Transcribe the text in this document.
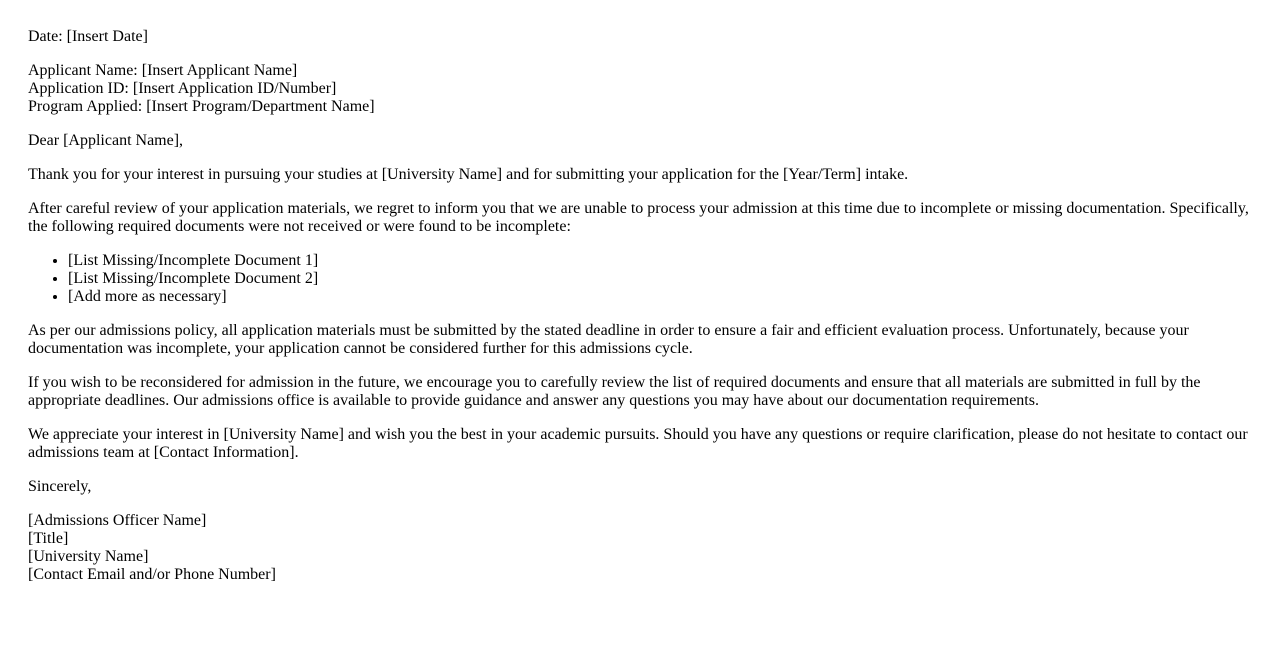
Date: [Insert Date]

Applicant Name: [Insert Applicant Name]
Application ID: [Insert Application ID/Number]
Program Applied: [Insert Program/Department Name]

Dear [Applicant Name],

Thank you for your interest in pursuing your studies at [University Name] and for submitting your application for the [Year/Term] intake.

After careful review of your application materials, we regret to inform you that we are unable to process your admission at this time due to incomplete or missing documentation. Specifically, the following required documents were not received or were found to be incomplete:

• [List Missing/Incomplete Document 1]
• [List Missing/Incomplete Document 2]
• [Add more as necessary]

As per our admissions policy, all application materials must be submitted by the stated deadline in order to ensure a fair and efficient evaluation process. Unfortunately, because your documentation was incomplete, your application cannot be considered further for this admissions cycle.

If you wish to be reconsidered for admission in the future, we encourage you to carefully review the list of required documents and ensure that all materials are submitted in full by the appropriate deadlines. Our admissions office is available to provide guidance and answer any questions you may have about our documentation requirements.

We appreciate your interest in [University Name] and wish you the best in your academic pursuits. Should you have any questions or require clarification, please do not hesitate to contact our admissions team at [Contact Information].

Sincerely,

[Admissions Officer Name]
[Title]
[University Name]
[Contact Email and/or Phone Number]
